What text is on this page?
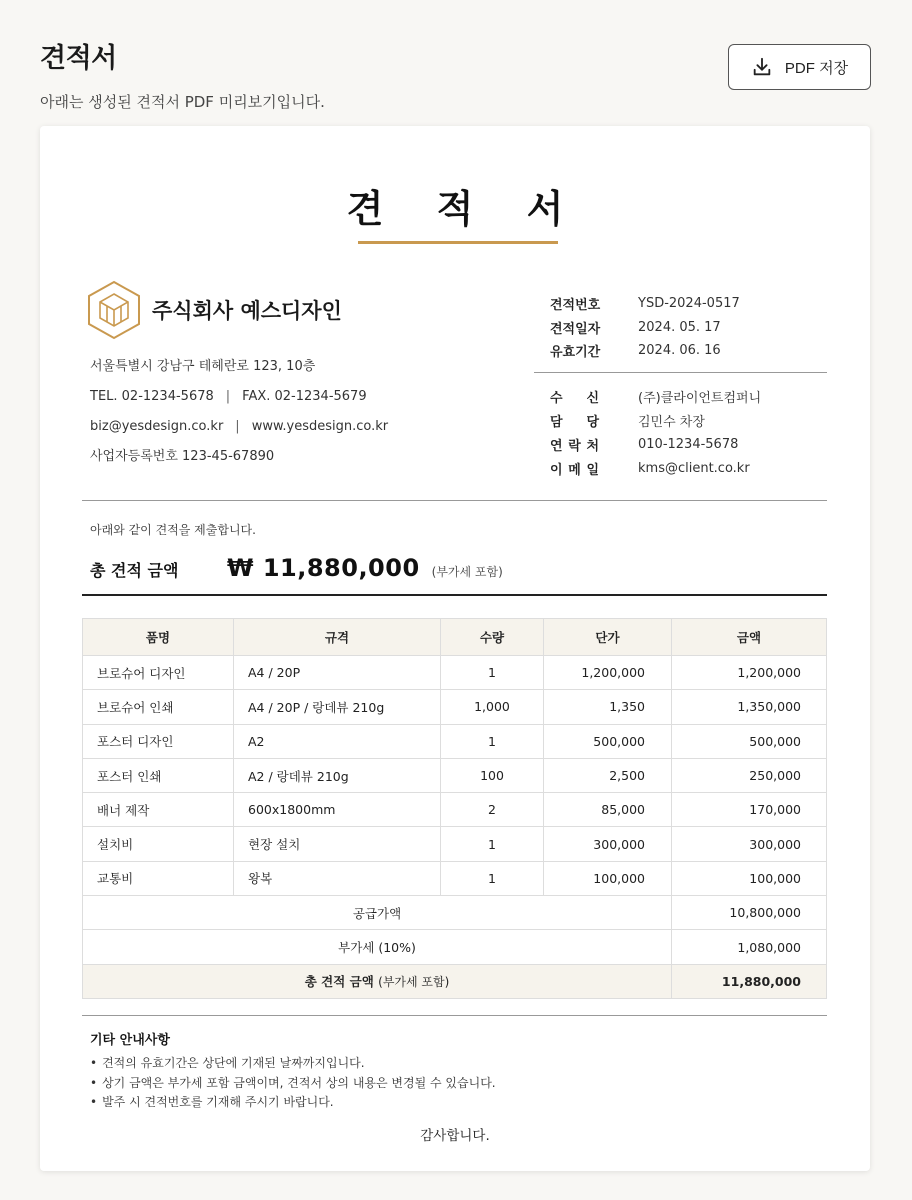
견적서
아래는 생성된 견적서 PDF 미리보기입니다.
PDF 저장
견 적 서
주식회사 예스디자인
서울특별시 강남구 테헤란로 123, 10층
TEL. 02-1234-5678 | FAX. 02-1234-5679
biz@yesdesign.co.kr | www.yesdesign.co.kr
사업자등록번호 123-45-67890
견적번호	YSD-2024-0517
견적일자	2024. 05. 17
유효기간	2024. 06. 16
수 신	(주)클라이언트컴퍼니
담 당	김민수 차장
연 락 처	010-1234-5678
이 메 일	kms@client.co.kr
아래와 같이 견적을 제출합니다.
총 견적 금액	₩ 11,880,000 (부가세 포함)
품명	규격	수량	단가	금액
브로슈어 디자인	A4 / 20P	1	1,200,000	1,200,000
브로슈어 인쇄	A4 / 20P / 랑데뷰 210g	1,000	1,350	1,350,000
포스터 디자인	A2	1	500,000	500,000
포스터 인쇄	A2 / 랑데뷰 210g	100	2,500	250,000
배너 제작	600x1800mm	2	85,000	170,000
설치비	현장 설치	1	300,000	300,000
교통비	왕복	1	100,000	100,000
공급가액				10,800,000
부가세 (10%)				1,080,000
총 견적 금액 (부가세 포함)				11,880,000
기타 안내사항
• 견적의 유효기간은 상단에 기재된 날짜까지입니다.
• 상기 금액은 부가세 포함 금액이며, 견적서 상의 내용은 변경될 수 있습니다.
• 발주 시 견적번호를 기재해 주시기 바랍니다.
감사합니다.
